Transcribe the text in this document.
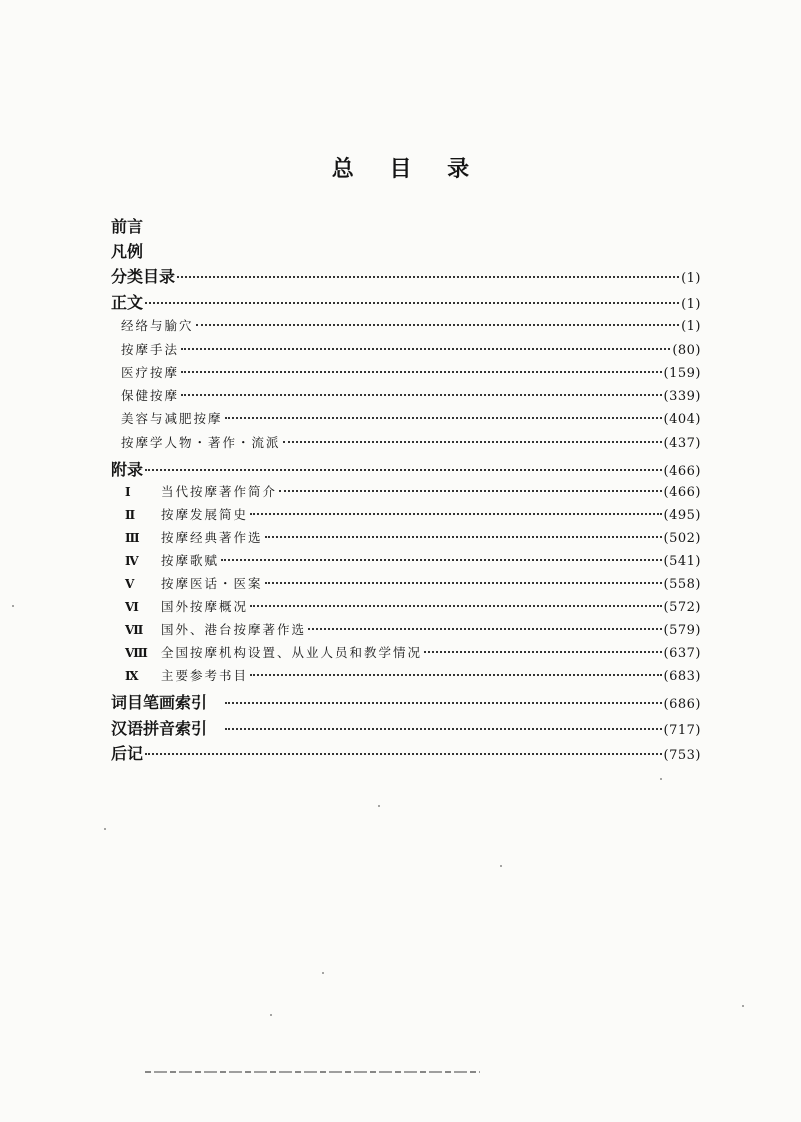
总 目 录
前言
凡例
分类目录	(1)
正文	(1)
经络与腧穴	(1)
按摩手法	(80)
医疗按摩	(159)
保健按摩	(339)
美容与减肥按摩	(404)
按摩学人物・著作・流派	(437)
附录	(466)
I	当代按摩著作简介	(466)
Ⅱ	按摩发展简史	(495)
Ⅲ	按摩经典著作选	(502)
Ⅳ	按摩歌赋	(541)
V	按摩医话・医案	(558)
Ⅵ	国外按摩概况	(572)
Ⅶ	国外、港台按摩著作选	(579)
Ⅷ	全国按摩机构设置、从业人员和教学情况	(637)
Ⅸ	主要参考书目	(683)
词目笔画索引	(686)
汉语拼音索引	(717)
后记	(753)
